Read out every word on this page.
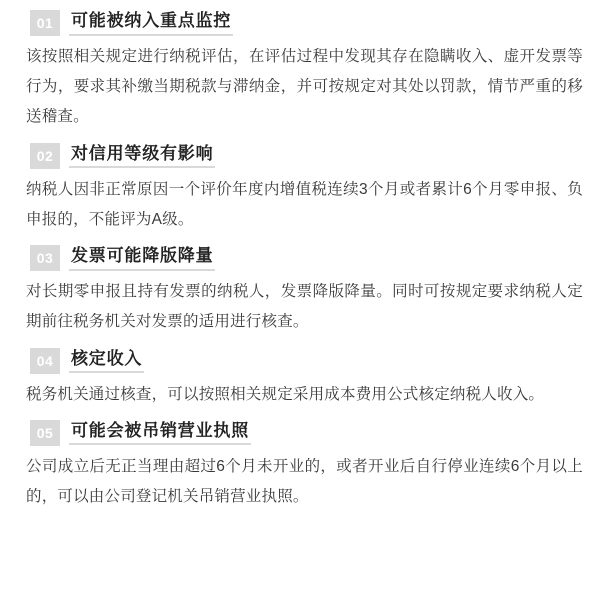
01	可能被纳入重点监控
该按照相关规定进行纳税评估，在评估过程中发现其存在隐瞒收入、虚开发票等行为，要求其补缴当期税款与滞纳金，并可按规定对其处以罚款，情节严重的移送稽查。
02	对信用等级有影响
纳税人因非正常原因一个评价年度内增值税连续3个月或者累计6个月零申报、负申报的，不能评为A级。
03	发票可能降版降量
对长期零申报且持有发票的纳税人，发票降版降量。同时可按规定要求纳税人定期前往税务机关对发票的适用进行核查。
04	核定收入
税务机关通过核查，可以按照相关规定采用成本费用公式核定纳税人收入。
05	可能会被吊销营业执照
公司成立后无正当理由超过6个月未开业的，或者开业后自行停业连续6个月以上的，可以由公司登记机关吊销营业执照。
